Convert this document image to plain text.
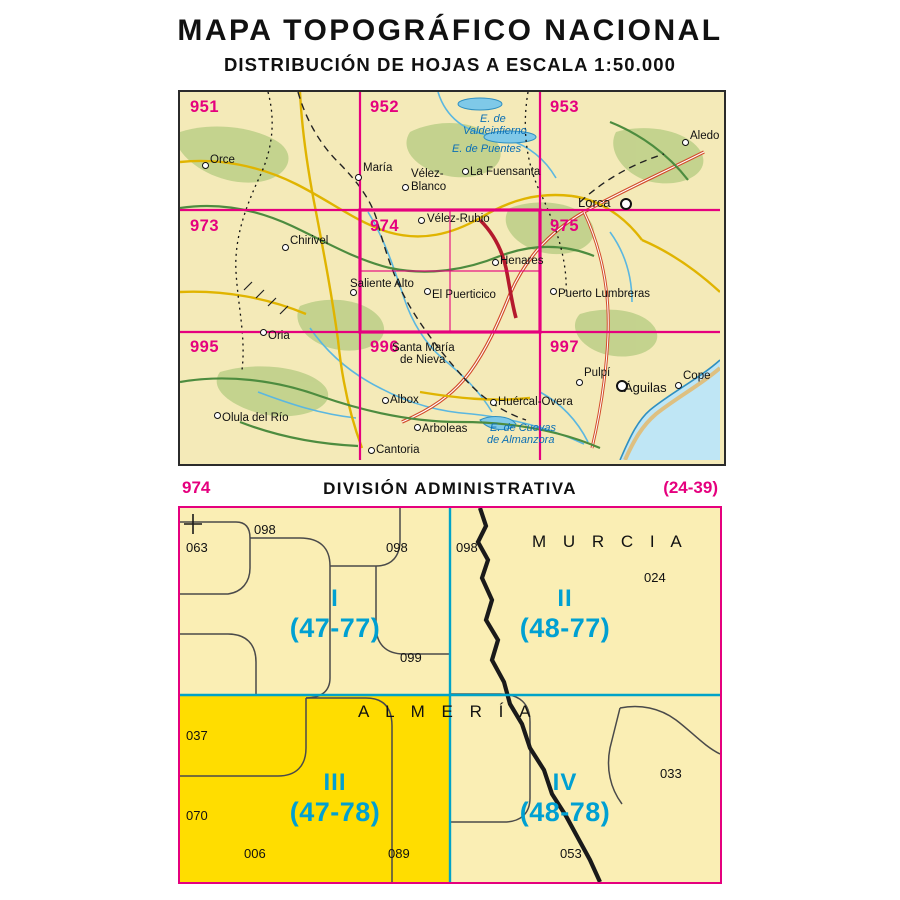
MAPA TOPOGRÁFICO NACIONAL
DISTRIBUCIÓN DE HOJAS A ESCALA 1:50.000
951	952	953
973	974	975
995	996	997
E. de
Valdeinfierno
E. de Puentes
E. de Cuevas
de Almanzora
Orce
María Vélez-
Blanco
La Fuensanta
Aledo
Lorca
Chirivel
Vélez-Rubio
Henares
Saliente Alto
El Puerticico	Puerto Lumbreras
Oria
Santa María
de Nieva
Pulpí
Águilas
Cope
Albox	Huércal-Overa
Olula del Río
Arboleas
Cantoria
974	DIVISIÓN ADMINISTRATIVA	(24-39)
M U R C I A
A L M E R Í A
I
(47-77)
II
(48-77)
III
(47-78)
IV
(48-78)
063
098
098	098
024
099
037
070
006	089
033
053
